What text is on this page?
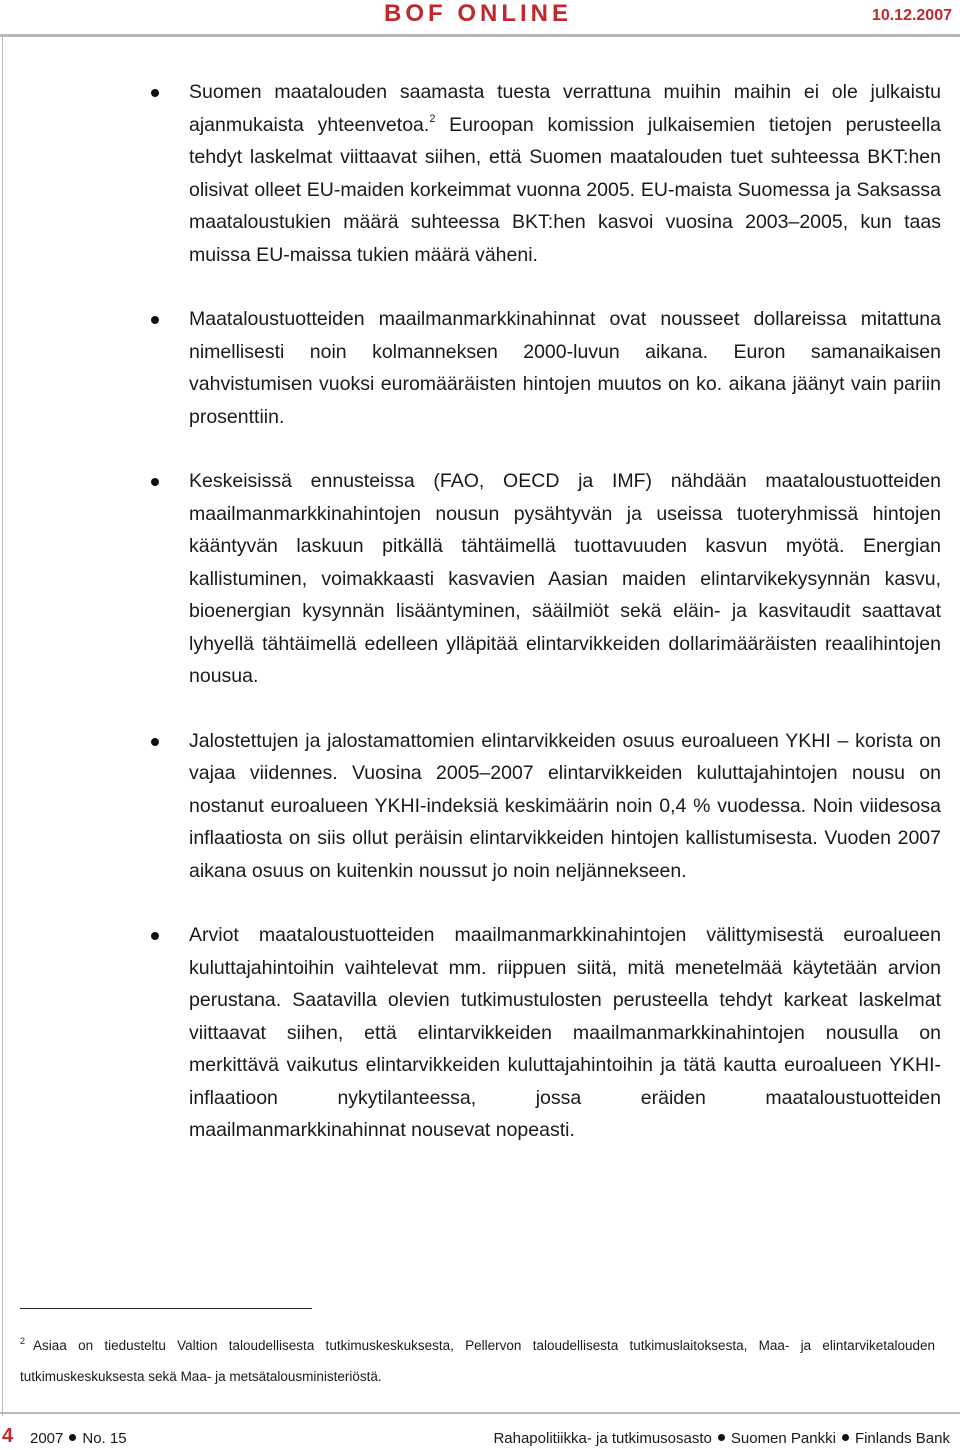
BOF ONLINE	10.12.2007
Suomen maatalouden saamasta tuesta verrattuna muihin maihin ei ole julkaistu ajanmukaista yhteenvetoa.$^2$ Euroopan komission julkaisemien tietojen perusteella tehdyt laskelmat viittaavat siihen, että Suomen maatalouden tuet suhteessa BKT:hen olisivat olleet EU-maiden korkeimmat vuonna 2005. EU-maista Suomessa ja Saksassa maataloustukien määrä suhteessa BKT:hen kasvoi vuosina 2003–2005, kun taas muissa EU-maissa tukien määrä väheni.
Maataloustuotteiden maailmanmarkkinahinnat ovat nousseet dollareissa mitattuna nimellisesti noin kolmanneksen 2000-luvun aikana. Euron samanaikaisen vahvistumisen vuoksi euromääräisten hintojen muutos on ko. aikana jäänyt vain pariin prosenttiin.
Keskeisissä ennusteissa (FAO, OECD ja IMF) nähdään maataloustuotteiden maailmanmarkkinahintojen nousun pysähtyvän ja useissa tuoteryhmissä hintojen kääntyvän laskuun pitkällä tähtäimellä tuottavuuden kasvun myötä. Energian kallistuminen, voimakkaasti kasvavien Aasian maiden elintarvikekysynnän kasvu, bioenergian kysynnän lisääntyminen, sääilmiöt sekä eläin- ja kasvitaudit saattavat lyhyellä tähtäimellä edelleen ylläpitää elintarvikkeiden dollarimääräisten reaalihintojen nousua.
Jalostettujen ja jalostamattomien elintarvikkeiden osuus euroalueen YKHI – korista on vajaa viidennes. Vuosina 2005–2007 elintarvikkeiden kuluttajahintojen nousu on nostanut euroalueen YKHI-indeksiä keskimäärin noin 0,4 % vuodessa. Noin viidesosa inflaatiosta on siis ollut peräisin elintarvikkeiden hintojen kallistumisesta. Vuoden 2007 aikana osuus on kuitenkin noussut jo noin neljännekseen.
Arviot maataloustuotteiden maailmanmarkkinahintojen välittymisestä euroalueen kuluttajahintoihin vaihtelevat mm. riippuen siitä, mitä menetelmää käytetään arvion perustana. Saatavilla olevien tutkimustulosten perusteella tehdyt karkeat laskelmat viittaavat siihen, että elintarvikkeiden maailmanmarkkinahintojen nousulla on merkittävä vaikutus elintarvikkeiden kuluttajahintoihin ja tätä kautta euroalueen YKHI-inflaatioon nykytilanteessa, jossa eräiden maataloustuotteiden maailmanmarkkinahinnat nousevat nopeasti.
$^2$ Asiaa on tiedusteltu Valtion taloudellisesta tutkimuskeskuksesta, Pellervon taloudellisesta tutkimuslaitoksesta, Maa- ja elintarviketalouden tutkimuskeskuksesta sekä Maa- ja metsätalousministeriöstä.
4 2007 No. 15	Rahapolitiikka- ja tutkimusosasto Suomen Pankki Finlands Bank
